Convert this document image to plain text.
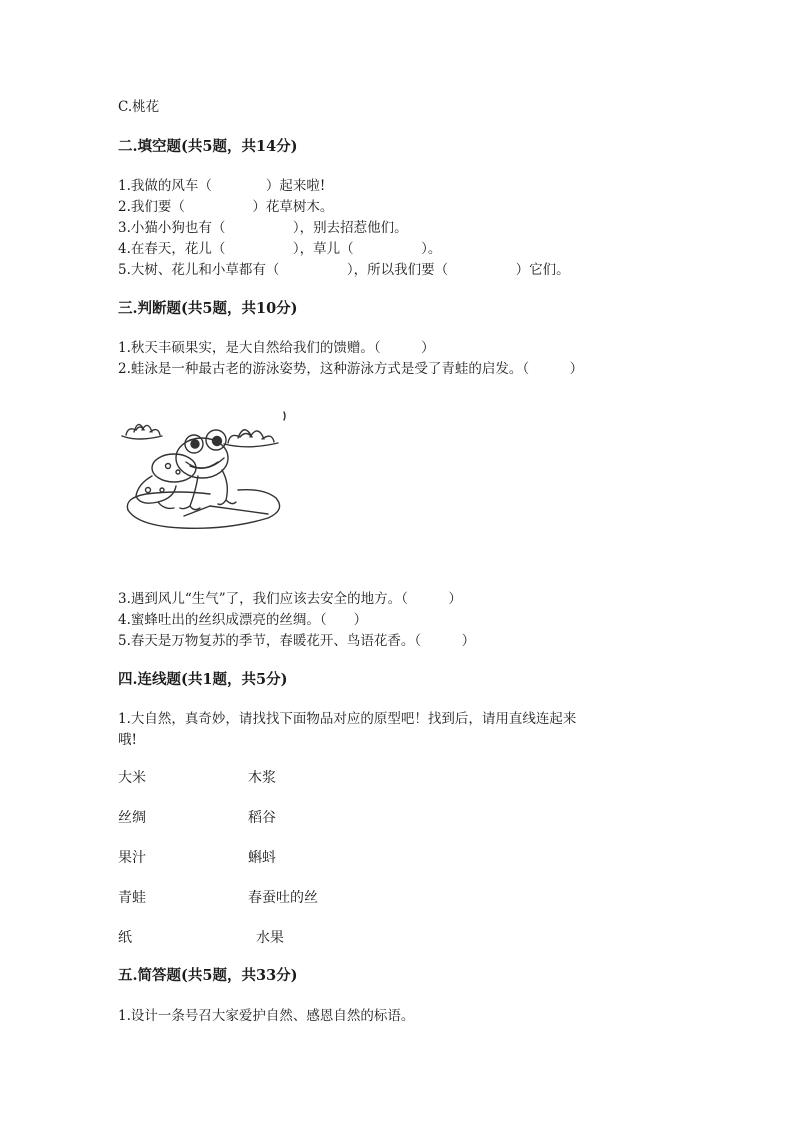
C.桃花
二.填空题(共5题，共14分)
1.我做的风车（　　　　）起来啦!
2.我们要（　　　　　）花草树木。
3.小猫小狗也有（　　　　　），别去招惹他们。
4.在春天，花儿（　　　　　），草儿（　　　　　）。
5.大树、花儿和小草都有（　　　　　），所以我们要（　　　　　）它们。
三.判断题(共5题，共10分)
1.秋天丰硕果实，是大自然给我们的馈赠。（　　　）
2.蛙泳是一种最古老的游泳姿势，这种游泳方式是受了青蛙的启发。（　　　）
3.遇到风儿“生气”了，我们应该去安全的地方。（　　　）
4.蜜蜂吐出的丝织成漂亮的丝绸。（　　）
5.春天是万物复苏的季节，春暖花开、鸟语花香。（　　　）
四.连线题(共1题，共5分)
1.大自然，真奇妙，请找找下面物品对应的原型吧！找到后，请用直线连起来
哦!
大米	木浆
丝绸	稻谷
果汁	蝌蚪
青蛙	春蚕吐的丝
纸	水果
五.简答题(共5题，共33分)
1.设计一条号召大家爱护自然、感恩自然的标语。
